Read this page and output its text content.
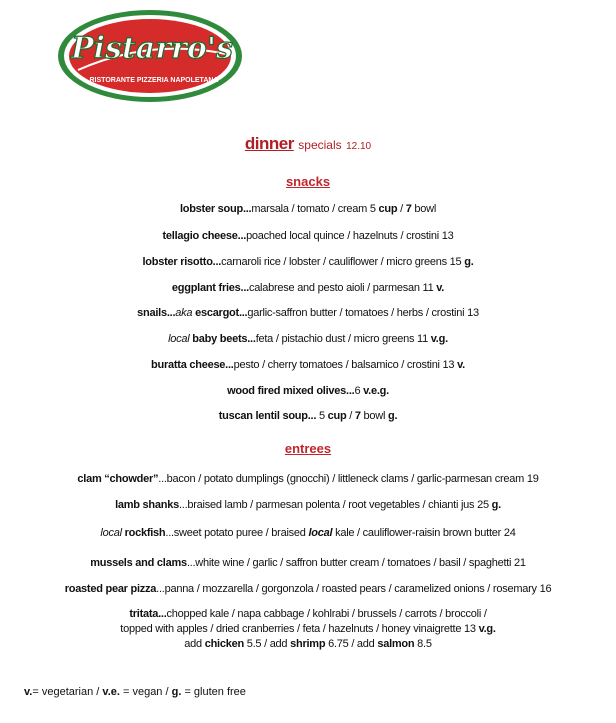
Pistarro's
RISTORANTE PIZZERIA NAPOLETANA
dinner specials 12.10
snacks
lobster soup...marsala / tomato / cream 5 cup / 7 bowl
tellagio cheese...poached local quince / hazelnuts / crostini 13
lobster risotto...carnaroli rice / lobster / cauliflower / micro greens 15 g.
eggplant fries...calabrese and pesto aioli / parmesan 11 v.
snails...aka escargot...garlic-saffron butter / tomatoes / herbs / crostini 13
local baby beets...feta / pistachio dust / micro greens 11 v.g.
buratta cheese...pesto / cherry tomatoes / balsamico / crostini 13 v.
wood fired mixed olives...6 v.e.g.
tuscan lentil soup... 5 cup / 7 bowl g.
entrees
clam “chowder”...bacon / potato dumplings (gnocchi) / littleneck clams / garlic-parmesan cream 19
lamb shanks...braised lamb / parmesan polenta / root vegetables / chianti jus 25 g.
local rockfish...sweet potato puree / braised local kale / cauliflower-raisin brown butter 24
mussels and clams...white wine / garlic / saffron butter cream / tomatoes / basil / spaghetti 21
roasted pear pizza...panna / mozzarella / gorgonzola / roasted pears / caramelized onions / rosemary 16
tritata...chopped kale / napa cabbage / kohlrabi / brussels / carrots / broccoli /
topped with apples / dried cranberries / feta / hazelnuts / honey vinaigrette 13 v.g.
add chicken 5.5 / add shrimp 6.75 / add salmon 8.5
v.= vegetarian / v.e. = vegan / g. = gluten free
